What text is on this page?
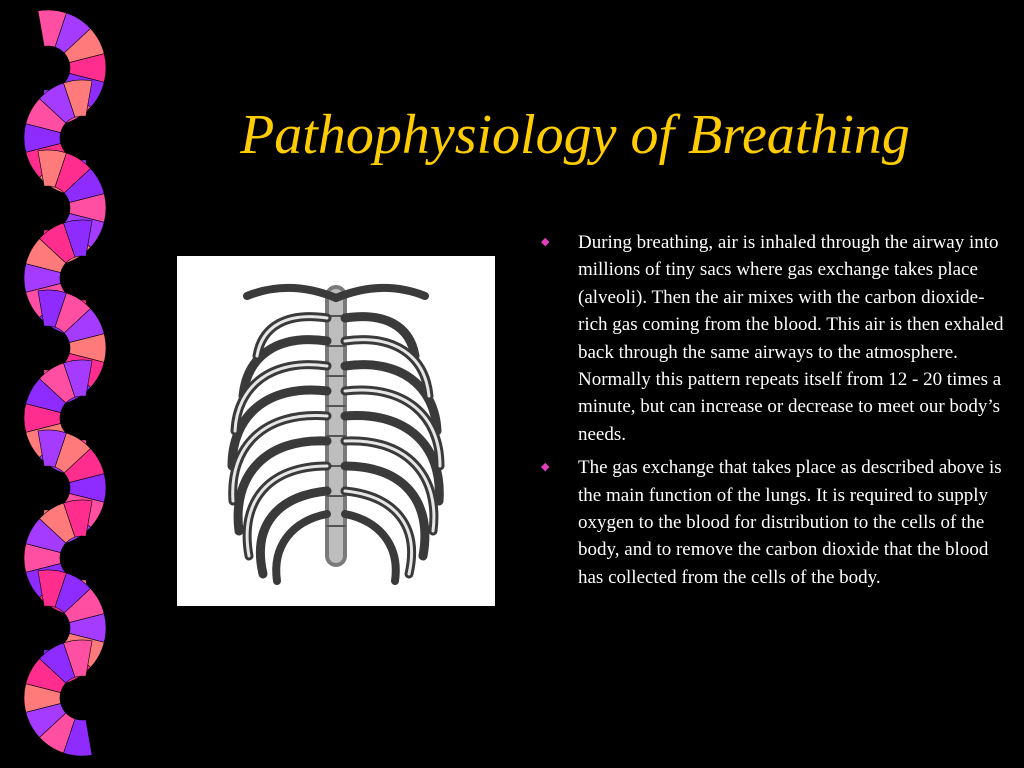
Pathophysiology of Breathing
◆ During breathing, air is inhaled through the airway into millions of tiny sacs where gas exchange takes place (alveoli). Then the air mixes with the carbon dioxide-rich gas coming from the blood. This air is then exhaled back through the same airways to the atmosphere. Normally this pattern repeats itself from 12 - 20 times a minute, but can increase or decrease to meet our body’s needs.
◆ The gas exchange that takes place as described above is the main function of the lungs. It is required to supply oxygen to the blood for distribution to the cells of the body, and to remove the carbon dioxide that the blood has collected from the cells of the body.
